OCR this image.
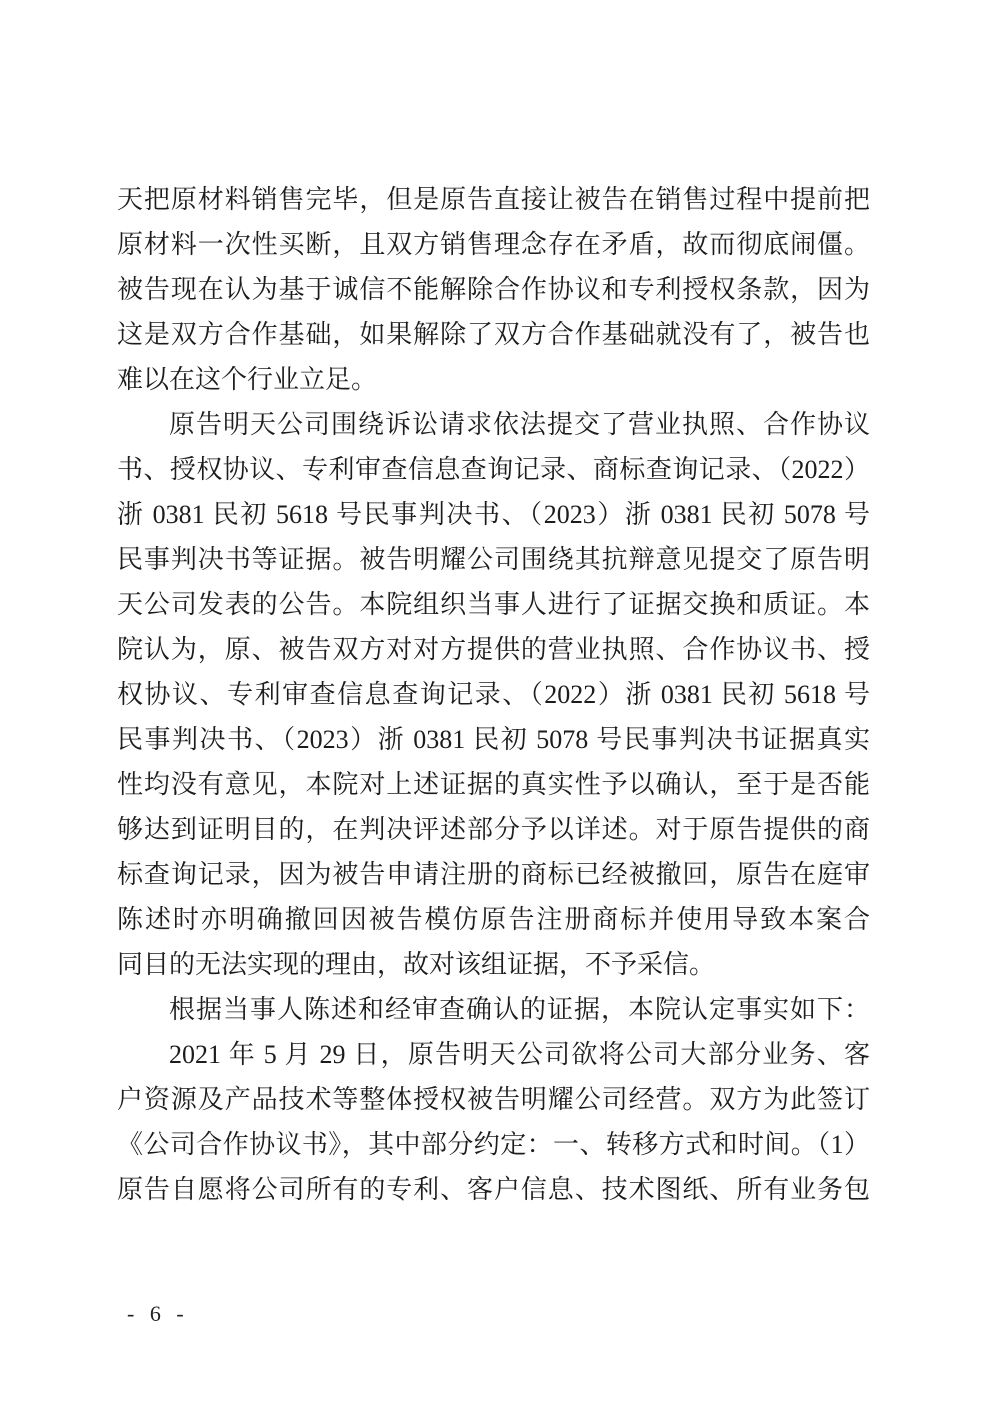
天把原材料销售完毕，但是原告直接让被告在销售过程中提前把
原材料一次性买断，且双方销售理念存在矛盾，故而彻底闹僵。
被告现在认为基于诚信不能解除合作协议和专利授权条款，因为
这是双方合作基础，如果解除了双方合作基础就没有了，被告也
难以在这个行业立足。
原告明天公司围绕诉讼请求依法提交了营业执照、合作协议
书、授权协议、专利审查信息查询记录、商标查询记录、（2022）
浙 0381 民初 5618 号民事判决书、（2023）浙 0381 民初 5078 号
民事判决书等证据。被告明耀公司围绕其抗辩意见提交了原告明
天公司发表的公告。本院组织当事人进行了证据交换和质证。本
院认为，原、被告双方对对方提供的营业执照、合作协议书、授
权协议、专利审查信息查询记录、（2022）浙 0381 民初 5618 号
民事判决书、（2023）浙 0381 民初 5078 号民事判决书证据真实
性均没有意见，本院对上述证据的真实性予以确认，至于是否能
够达到证明目的，在判决评述部分予以详述。对于原告提供的商
标查询记录，因为被告申请注册的商标已经被撤回，原告在庭审
陈述时亦明确撤回因被告模仿原告注册商标并使用导致本案合
同目的无法实现的理由，故对该组证据，不予采信。
根据当事人陈述和经审查确认的证据，本院认定事实如下：
2021 年 5 月 29 日，原告明天公司欲将公司大部分业务、客
户资源及产品技术等整体授权被告明耀公司经营。双方为此签订
《公司合作协议书》，其中部分约定：一、转移方式和时间。（1）
原告自愿将公司所有的专利、客户信息、技术图纸、所有业务包
- 6 -
